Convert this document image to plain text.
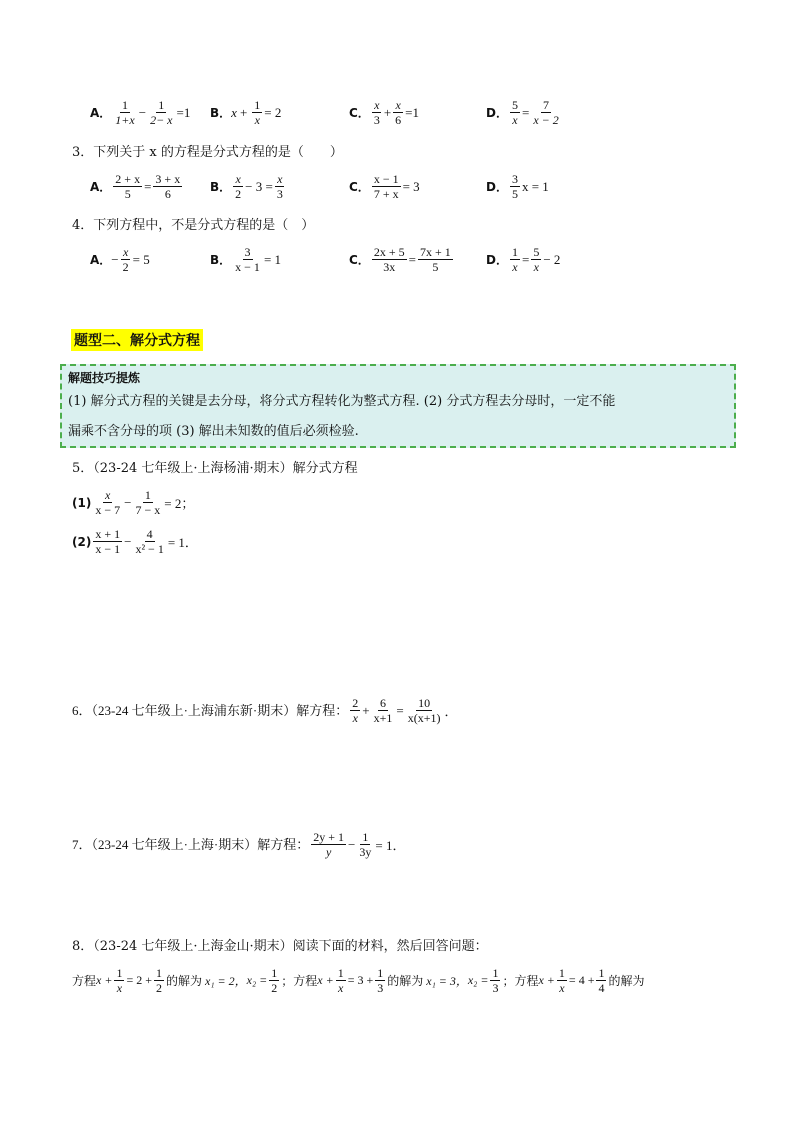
A． $\frac{1}{1+x} - \frac{1}{2- x} =1$ B． $x + \frac{1}{x} = 2$	C． $\frac{x}{3} + \frac{x}{6} =1$	D． $\frac{5}{x} = \frac{7}{x - 2}$
3．下列关于 x 的方程是分式方程的是（　　）
A． $\frac{2 + x}{5} = \frac{3 + x}{6}$ B． $\frac{x}{2} - 3 = \frac{x}{3}$	C． $\frac{x - 1}{7 + x} = 3$	D． $\frac{3}{5}$ x = 1
4．下列方程中，不是分式方程的是（　）
A． − $\frac{x}{2} = 5$	B． $\frac{3}{x - 1} = 1$	C． $\frac{2x + 5}{3x} = \frac{7x + 1}{5}$	D． $\frac{1}{x} = \frac{5}{x} - 2$
题型二、解分式方程
解题技巧提炼
(1) 解分式方程的关键是去分母，将分式方程转化为整式方程. (2) 分式方程去分母时，一定不能
漏乘不含分母的项 (3) 解出未知数的值后必须检验.
5．（23-24 七年级上·上海杨浦·期末）解分式方程
$(1) \frac{x}{x - 7} - \frac{1}{7 - x} = 2$；
$(2) \frac{x + 1}{x - 1} - \frac{4}{\text{x² − 1}} = 1$．
6．（23-24 七年级上·上海浦东新·期末）解方程： $\frac{2}{x} + \frac{6}{x+1} = \frac{10}{x(x+1)}$ ．
7．（23-24 七年级上·上海·期末）解方程： $\frac{2y + 1}{y} - \frac{1}{3y} = 1$．
8．（23-24 七年级上·上海金山·期末）阅读下面的材料，然后回答问题：
方程 $x + \frac{1}{x} = 2 + \frac{1}{2}$ 的解为 x₁ = 2， $x_2 = \frac{1}{2}$ ；方程 $x + \frac{1}{x} = 3 + \frac{1}{3}$ 的解为 x₁ = 3， $x_2 = \frac{1}{3}$ ；方程 $x + \frac{1}{x} = 4 + \frac{1}{4}$ 的解为
